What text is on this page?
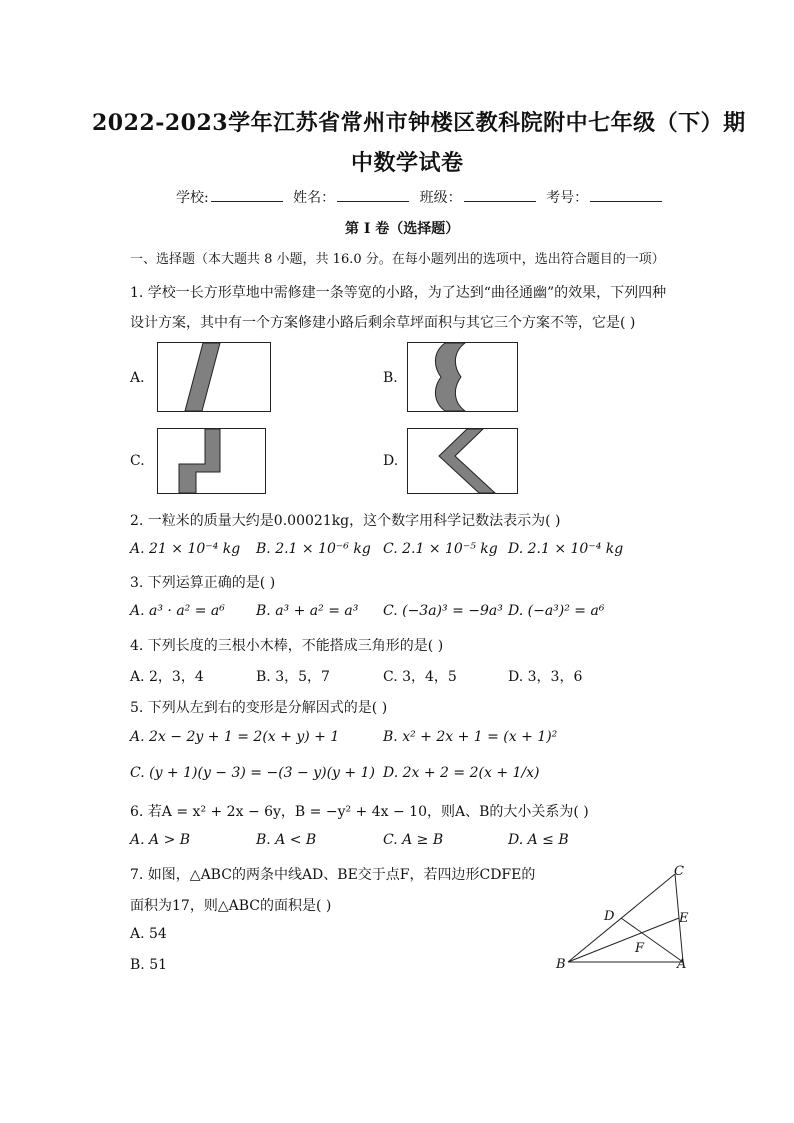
2022-2023学年江苏省常州市钟楼区教科院附中七年级（下）期
中数学试卷
学校:	姓名：	班级：	考号：
第 I 卷（选择题）
一、选择题（本大题共 8 小题，共 16.0 分。在每小题列出的选项中，选出符合题目的一项）
1. 学校一长方形草地中需修建一条等宽的小路，为了达到“曲径通幽”的效果，下列四种
设计方案，其中有一个方案修建小路后剩余草坪面积与其它三个方案不等，它是( )
A.	B.
C.	D.
2. 一粒米的质量大约是0.00021kg，这个数字用科学记数法表示为( )
A. 21 × 10⁻⁴ kg B. 2.1 × 10⁻⁶ kg C. 2.1 × 10⁻⁵ kg D. 2.1 × 10⁻⁴ kg
3. 下列运算正确的是( )
A. a³ · a² = a⁶ B. a³ + a² = a³ C. (−3a)³ = −9a³ D. (−a³)² = a⁶
4. 下列长度的三根小木棒，不能搭成三角形的是( )
A. 2，3，4	B. 3，5，7	C. 3，4，5	D. 3，3，6
5. 下列从左到右的变形是分解因式的是( )
A. 2x − 2y + 1 = 2(x + y) + 1	B. x² + 2x + 1 = (x + 1)²
C. (y + 1)(y − 3) = −(3 − y)(y + 1) D. 2x + 2 = 2(x + 1/x)
6. 若A = x² + 2x − 6y，B = −y² + 4x − 10，则A、B的大小关系为( )
A. A > B	B. A < B	C. A ≥ B	D. A ≤ B
7. 如图，△ABC的两条中线AD、BE交于点F，若四边形CDFE的
面积为17，则△ABC的面积是( )
A. 54
B. 51
C
D	E
F
B	A
